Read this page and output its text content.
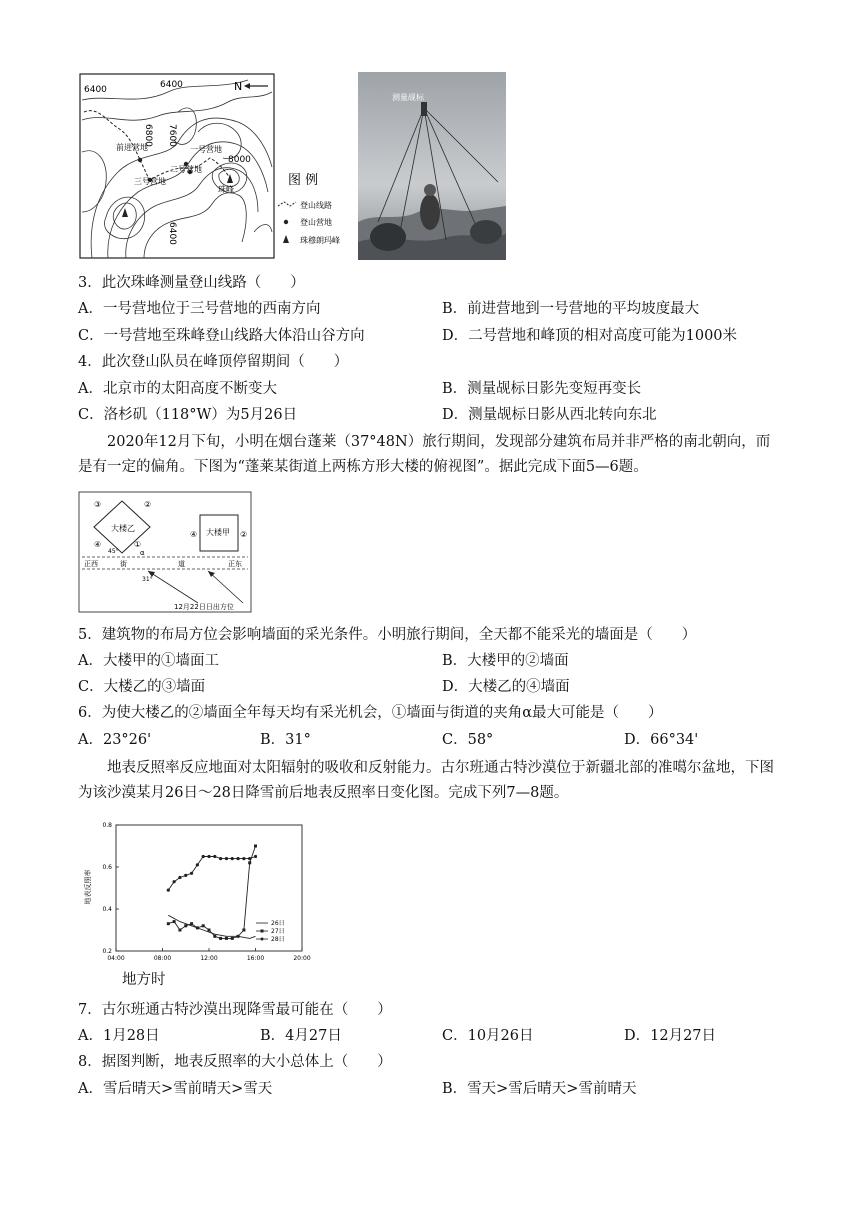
6400	6400
6800 7600
8000
6400
N
前进营地	一号营地
二号营地
三号营地
珠峰
图 例
登山线路
登山营地
珠穆朗玛峰
测量觇标
3．此次珠峰测量登山线路（　　）
A．一号营地位于三号营地的西南方向	B．前进营地到一号营地的平均坡度最大
C．一号营地至珠峰登山线路大体沿山谷方向	D．二号营地和峰顶的相对高度可能为1000米
4．此次登山队员在峰顶停留期间（　　）
A．北京市的太阳高度不断变大	B．测量觇标日影先变短再变长
C．洛杉矶（118°W）为5月26日	D．测量觇标日影从西北转向东北
2020年12月下旬，小明在烟台蓬莱（37°48N）旅行期间，发现部分建筑布局并非严格的南北朝向，而是有一定的偏角。下图为“蓬莱某街道上两栋方形大楼的俯视图”。据此完成下面5—6题。
大楼乙
③	②
④	①
大楼甲
④	②
正西	正东
街	道
45°	α
31°
12月22日日出方位
5．建筑物的布局方位会影响墙面的采光条件。小明旅行期间，全天都不能采光的墙面是（　　）
A．大楼甲的①墙面工	B．大楼甲的②墙面
C．大楼乙的③墙面	D．大楼乙的④墙面
6．为使大楼乙的②墙面全年每天均有采光机会，①墙面与街道的夹角α最大可能是（　　）
A．23°26'	B．31°	C．58°	D．66°34'
地表反照率反应地面对太阳辐射的吸收和反射能力。古尔班通古特沙漠位于新疆北部的准噶尔盆地，下图为该沙漠某月26日～28日降雪前后地表反照率日变化图。完成下列7—8题。
地表反照率
04:00	08:00	12:00	16:00	20:00
0.2
0.4
0.6
0.8
26日
27日
28日
地方时
7．古尔班通古特沙漠出现降雪最可能在（　　）
A．1月28日	B．4月27日	C．10月26日	D．12月27日
8．据图判断，地表反照率的大小总体上（　　）
A．雪后晴天>雪前晴天>雪天	B．雪天>雪后晴天>雪前晴天
